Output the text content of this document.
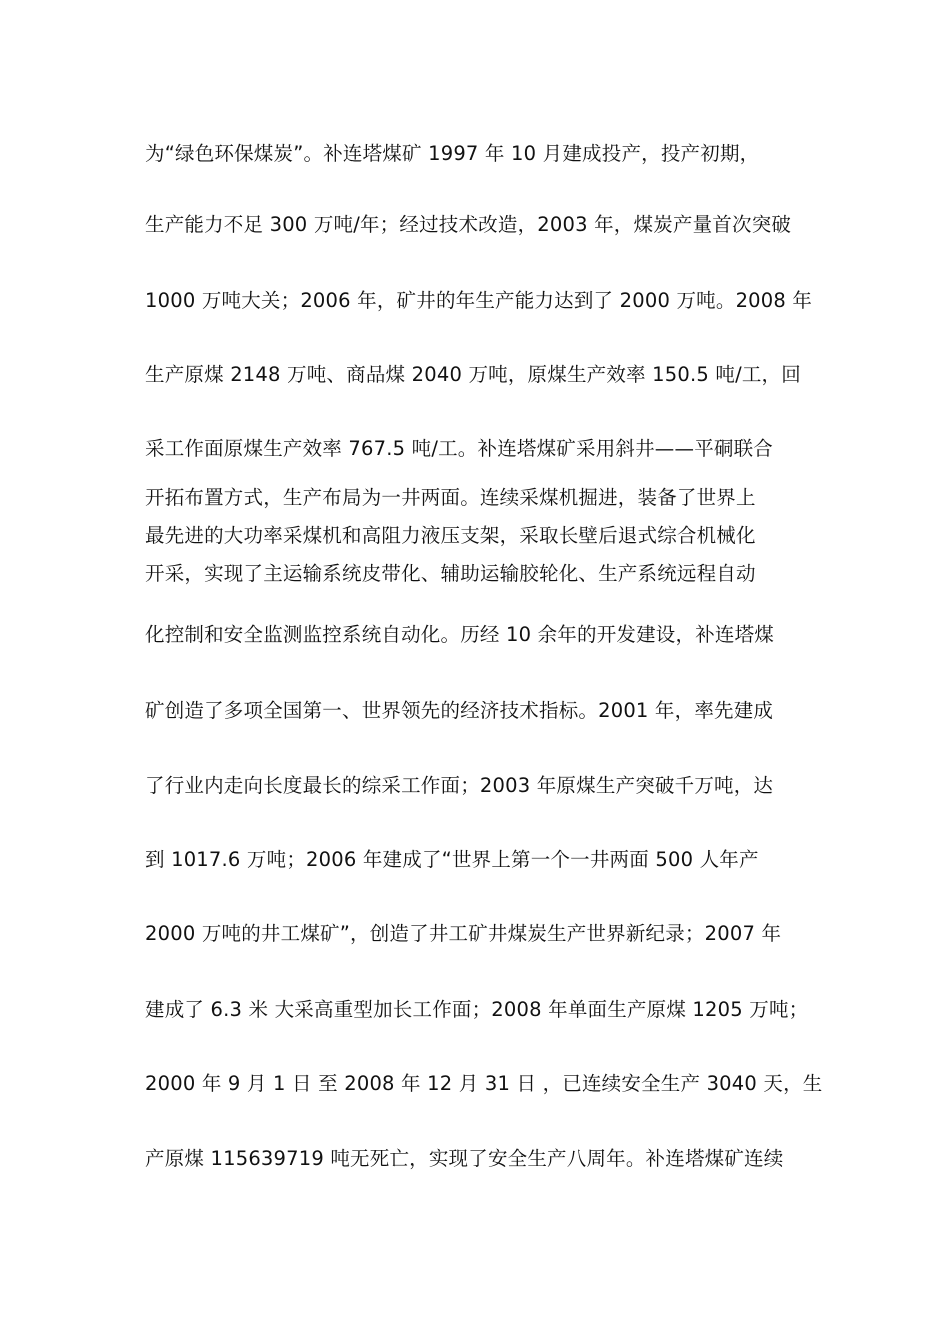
为“绿色环保煤炭”。补连塔煤矿 1997 年 10 月建成投产，投产初期，
生产能力不足 300 万吨/年；经过技术改造，2003 年，煤炭产量首次突破
1000 万吨大关；2006 年，矿井的年生产能力达到了 2000 万吨。2008 年
生产原煤 2148 万吨、商品煤 2040 万吨，原煤生产效率 150.5 吨/工，回
采工作面原煤生产效率 767.5 吨/工。补连塔煤矿采用斜井——平硐联合
开拓布置方式，生产布局为一井两面。连续采煤机掘进，装备了世界上
最先进的大功率采煤机和高阻力液压支架，采取长壁后退式综合机械化
开采，实现了主运输系统皮带化、辅助运输胶轮化、生产系统远程自动
化控制和安全监测监控系统自动化。历经 10 余年的开发建设，补连塔煤
矿创造了多项全国第一、世界领先的经济技术指标。2001 年，率先建成
了行业内走向长度最长的综采工作面；2003 年原煤生产突破千万吨，达
到 1017.6 万吨；2006 年建成了“世界上第一个一井两面 500 人年产
2000 万吨的井工煤矿”，创造了井工矿井煤炭生产世界新纪录；2007 年
建成了 6.3 米 大采高重型加长工作面；2008 年单面生产原煤 1205 万吨；
2000 年 9 月 1 日 至 2008 年 12 月 31 日 ，已连续安全生产 3040 天，生
产原煤 115639719 吨无死亡，实现了安全生产八周年。补连塔煤矿连续
